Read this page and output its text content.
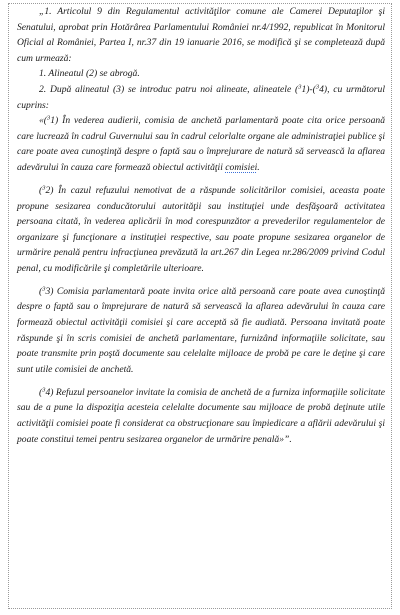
„1. Articolul 9 din Regulamentul activităţilor comune ale Camerei Deputaţilor şi Senatului, aprobat prin Hotărârea Parlamentului României nr.4/1992, republicat în Monitorul Oficial al României, Partea I, nr.37 din 19 ianuarie 2016, se modifică şi se completează după cum urmează:

1. Alineatul (2) se abrogă.

2. După alineatul (3) se introduc patru noi alineate, alineatele ($^3$1)-($^3$4), cu următorul cuprins:

«($^3$1) În vederea audierii, comisia de anchetă parlamentară poate cita orice persoană care lucrează în cadrul Guvernului sau în cadrul celorlalte organe ale administraţiei publice şi care poate avea cunoştinţă despre o faptă sau o împrejurare de natură să servească la aflarea adevărului în cauza care formează obiectul activităţii comisiei.

($^3$2) În cazul refuzului nemotivat de a răspunde solicitărilor comisiei, aceasta poate propune sesizarea conducătorului autorităţii sau instituţiei unde desfăşoară activitatea persoana citată, în vederea aplicării în mod corespunzător a prevederilor regulamentelor de organizare şi funcţionare a instituţiei respective, sau poate propune sesizarea organelor de urmărire penală pentru infracţiunea prevăzută la art.267 din Legea nr.286/2009 privind Codul penal, cu modificările şi completările ulterioare.

($^3$3) Comisia parlamentară poate invita orice altă persoană care poate avea cunoştinţă despre o faptă sau o împrejurare de natură să servească la aflarea adevărului în cauza care formează obiectul activităţii comisiei şi care acceptă să fie audiată. Persoana invitată poate răspunde şi în scris comisiei de anchetă parlamentare, furnizând informaţiile solicitate, sau poate transmite prin poştă documente sau celelalte mijloace de probă pe care le deţine şi care sunt utile comisiei de anchetă.

($^3$4) Refuzul persoanelor invitate la comisia de anchetă de a furniza informaţiile solicitate sau de a pune la dispoziţia acesteia celelalte documente sau mijloace de probă deţinute utile activităţii comisiei poate fi considerat ca obstrucţionare sau împiedicare a aflării adevărului şi poate constitui temei pentru sesizarea organelor de urmărire penală»”.
